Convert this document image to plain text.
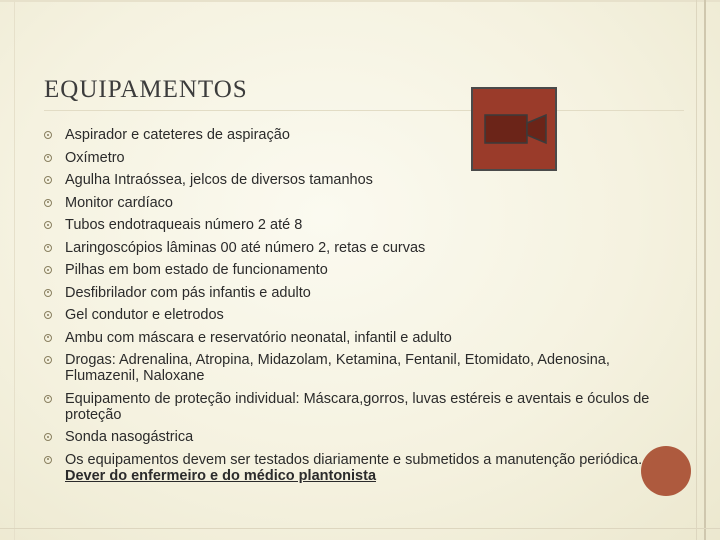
EQUIPAMENTOS
Aspirador e cateteres de aspiração
Oxímetro
Agulha Intraóssea, jelcos de diversos tamanhos
Monitor cardíaco
Tubos endotraqueais número 2 até 8
Laringoscópios lâminas 00 até número 2, retas e curvas
Pilhas em bom estado de funcionamento
Desfibrilador com pás infantis e adulto
Gel condutor e eletrodos
Ambu com máscara e reservatório neonatal, infantil e adulto
Drogas: Adrenalina, Atropina, Midazolam, Ketamina, Fentanil, Etomidato, Adenosina, Flumazenil, Naloxane
Equipamento de proteção individual: Máscara,gorros, luvas estéreis e aventais e óculos de proteção
Sonda nasogástrica
Os equipamentos devem ser testados diariamente e submetidos a manutenção periódica. Dever do enfermeiro e do médico plantonista
